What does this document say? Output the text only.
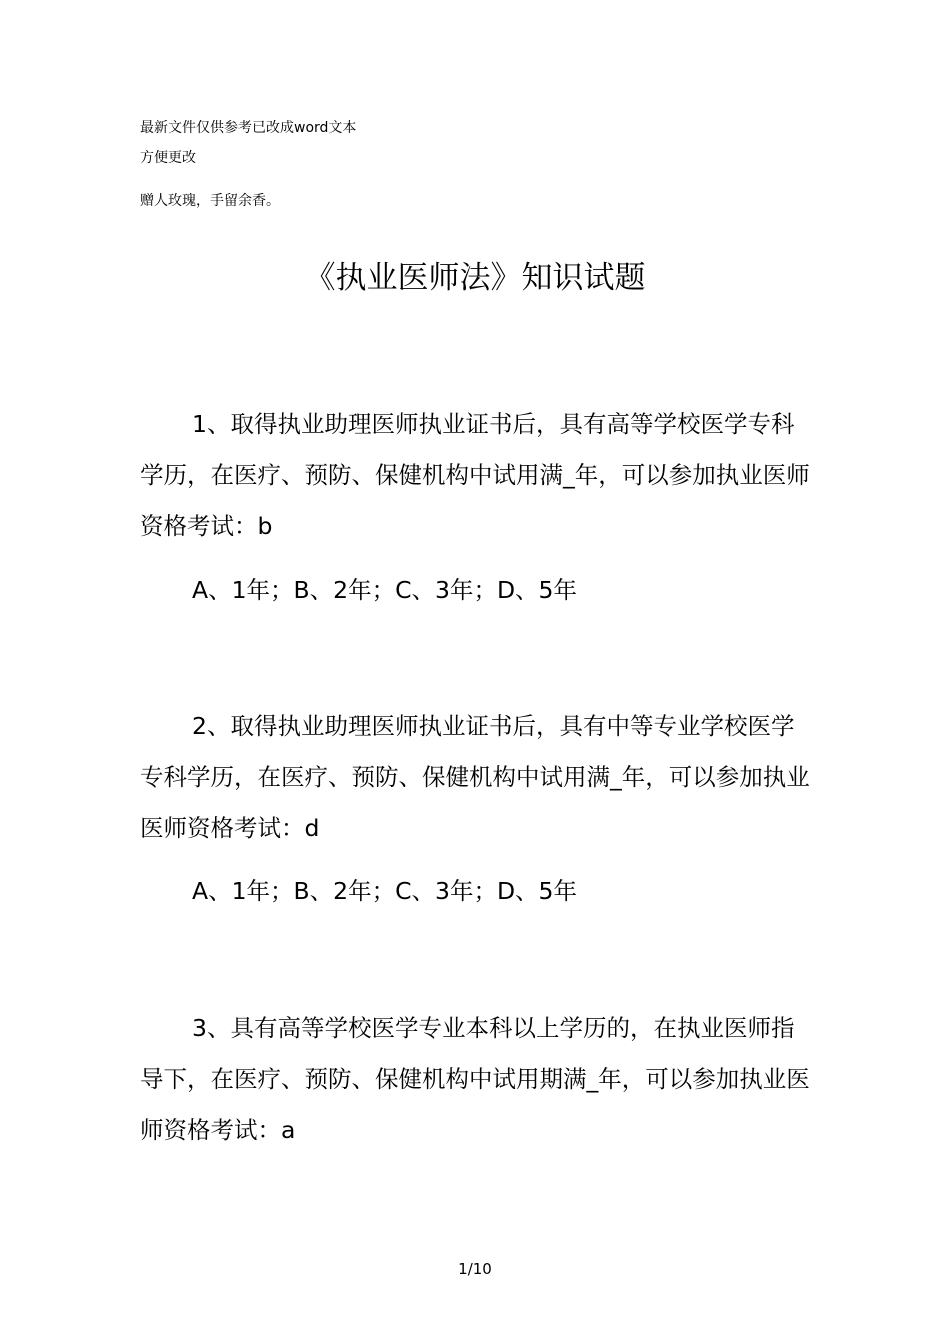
最新文件仅供参考已改成word文本
方便更改
赠人玫瑰，手留余香。
《执业医师法》知识试题

1、取得执业助理医师执业证书后，具有高等学校医学专科学历，在医疗、预防、保健机构中试用满_年，可以参加执业医师资格考试：b

A、1年；B、2年；C、3年；D、5年

2、取得执业助理医师执业证书后，具有中等专业学校医学专科学历，在医疗、预防、保健机构中试用满_年，可以参加执业医师资格考试：d

A、1年；B、2年；C、3年；D、5年

3、具有高等学校医学专业本科以上学历的，在执业医师指导下，在医疗、预防、保健机构中试用期满_年，可以参加执业医师资格考试：a

1/10
